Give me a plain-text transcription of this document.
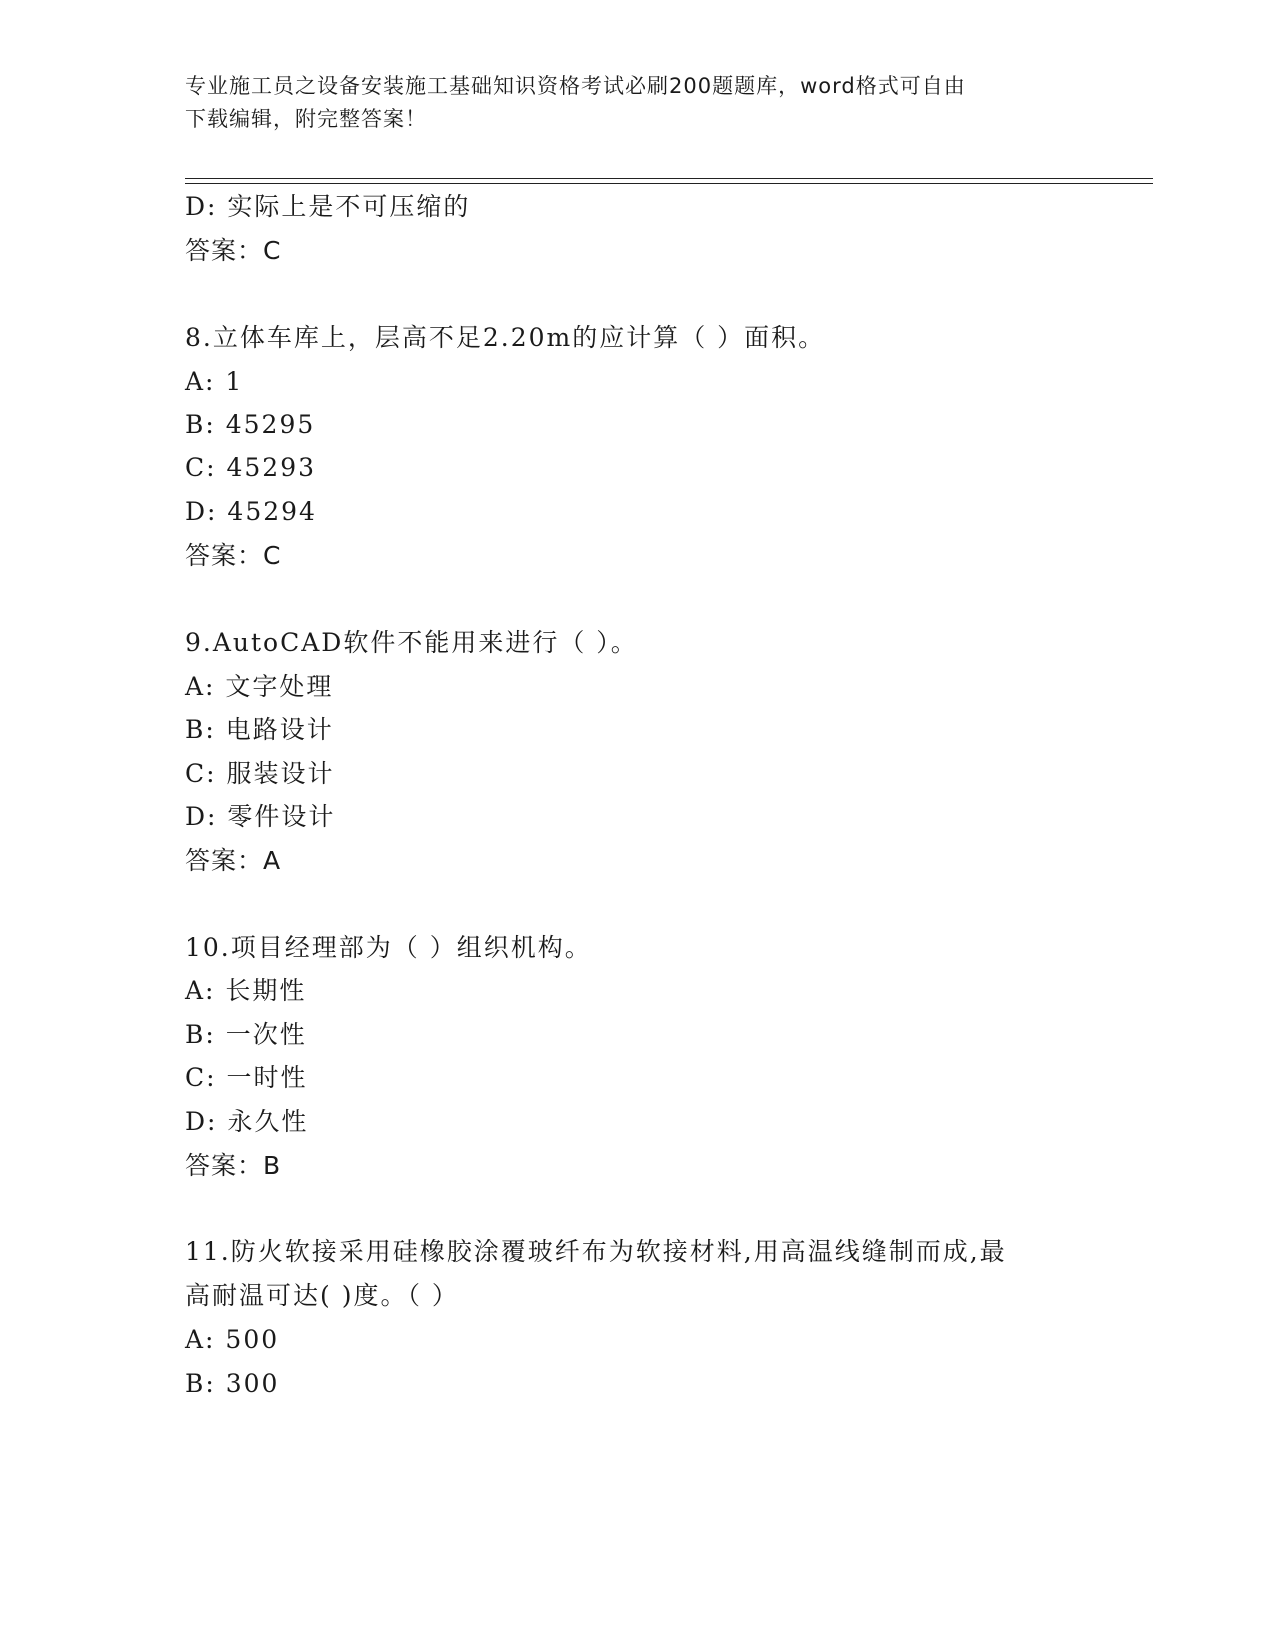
专业施工员之设备安装施工基础知识资格考试必刷200题题库，word格式可自由
下载编辑，附完整答案！
D: 实际上是不可压缩的
答案：C
8.立体车库上，层高不足2.20m的应计算（ ）面积。
A: 1
B: 45295
C: 45293
D: 45294
答案：C
9.AutoCAD软件不能用来进行（ ）。
A: 文字处理
B: 电路设计
C: 服装设计
D: 零件设计
答案：A
10.项目经理部为（ ）组织机构。
A: 长期性
B: 一次性
C: 一时性
D: 永久性
答案：B
11.防火软接采用硅橡胶涂覆玻纤布为软接材料,用高温线缝制而成,最
高耐温可达( )度。（ ）
A: 500
B: 300
